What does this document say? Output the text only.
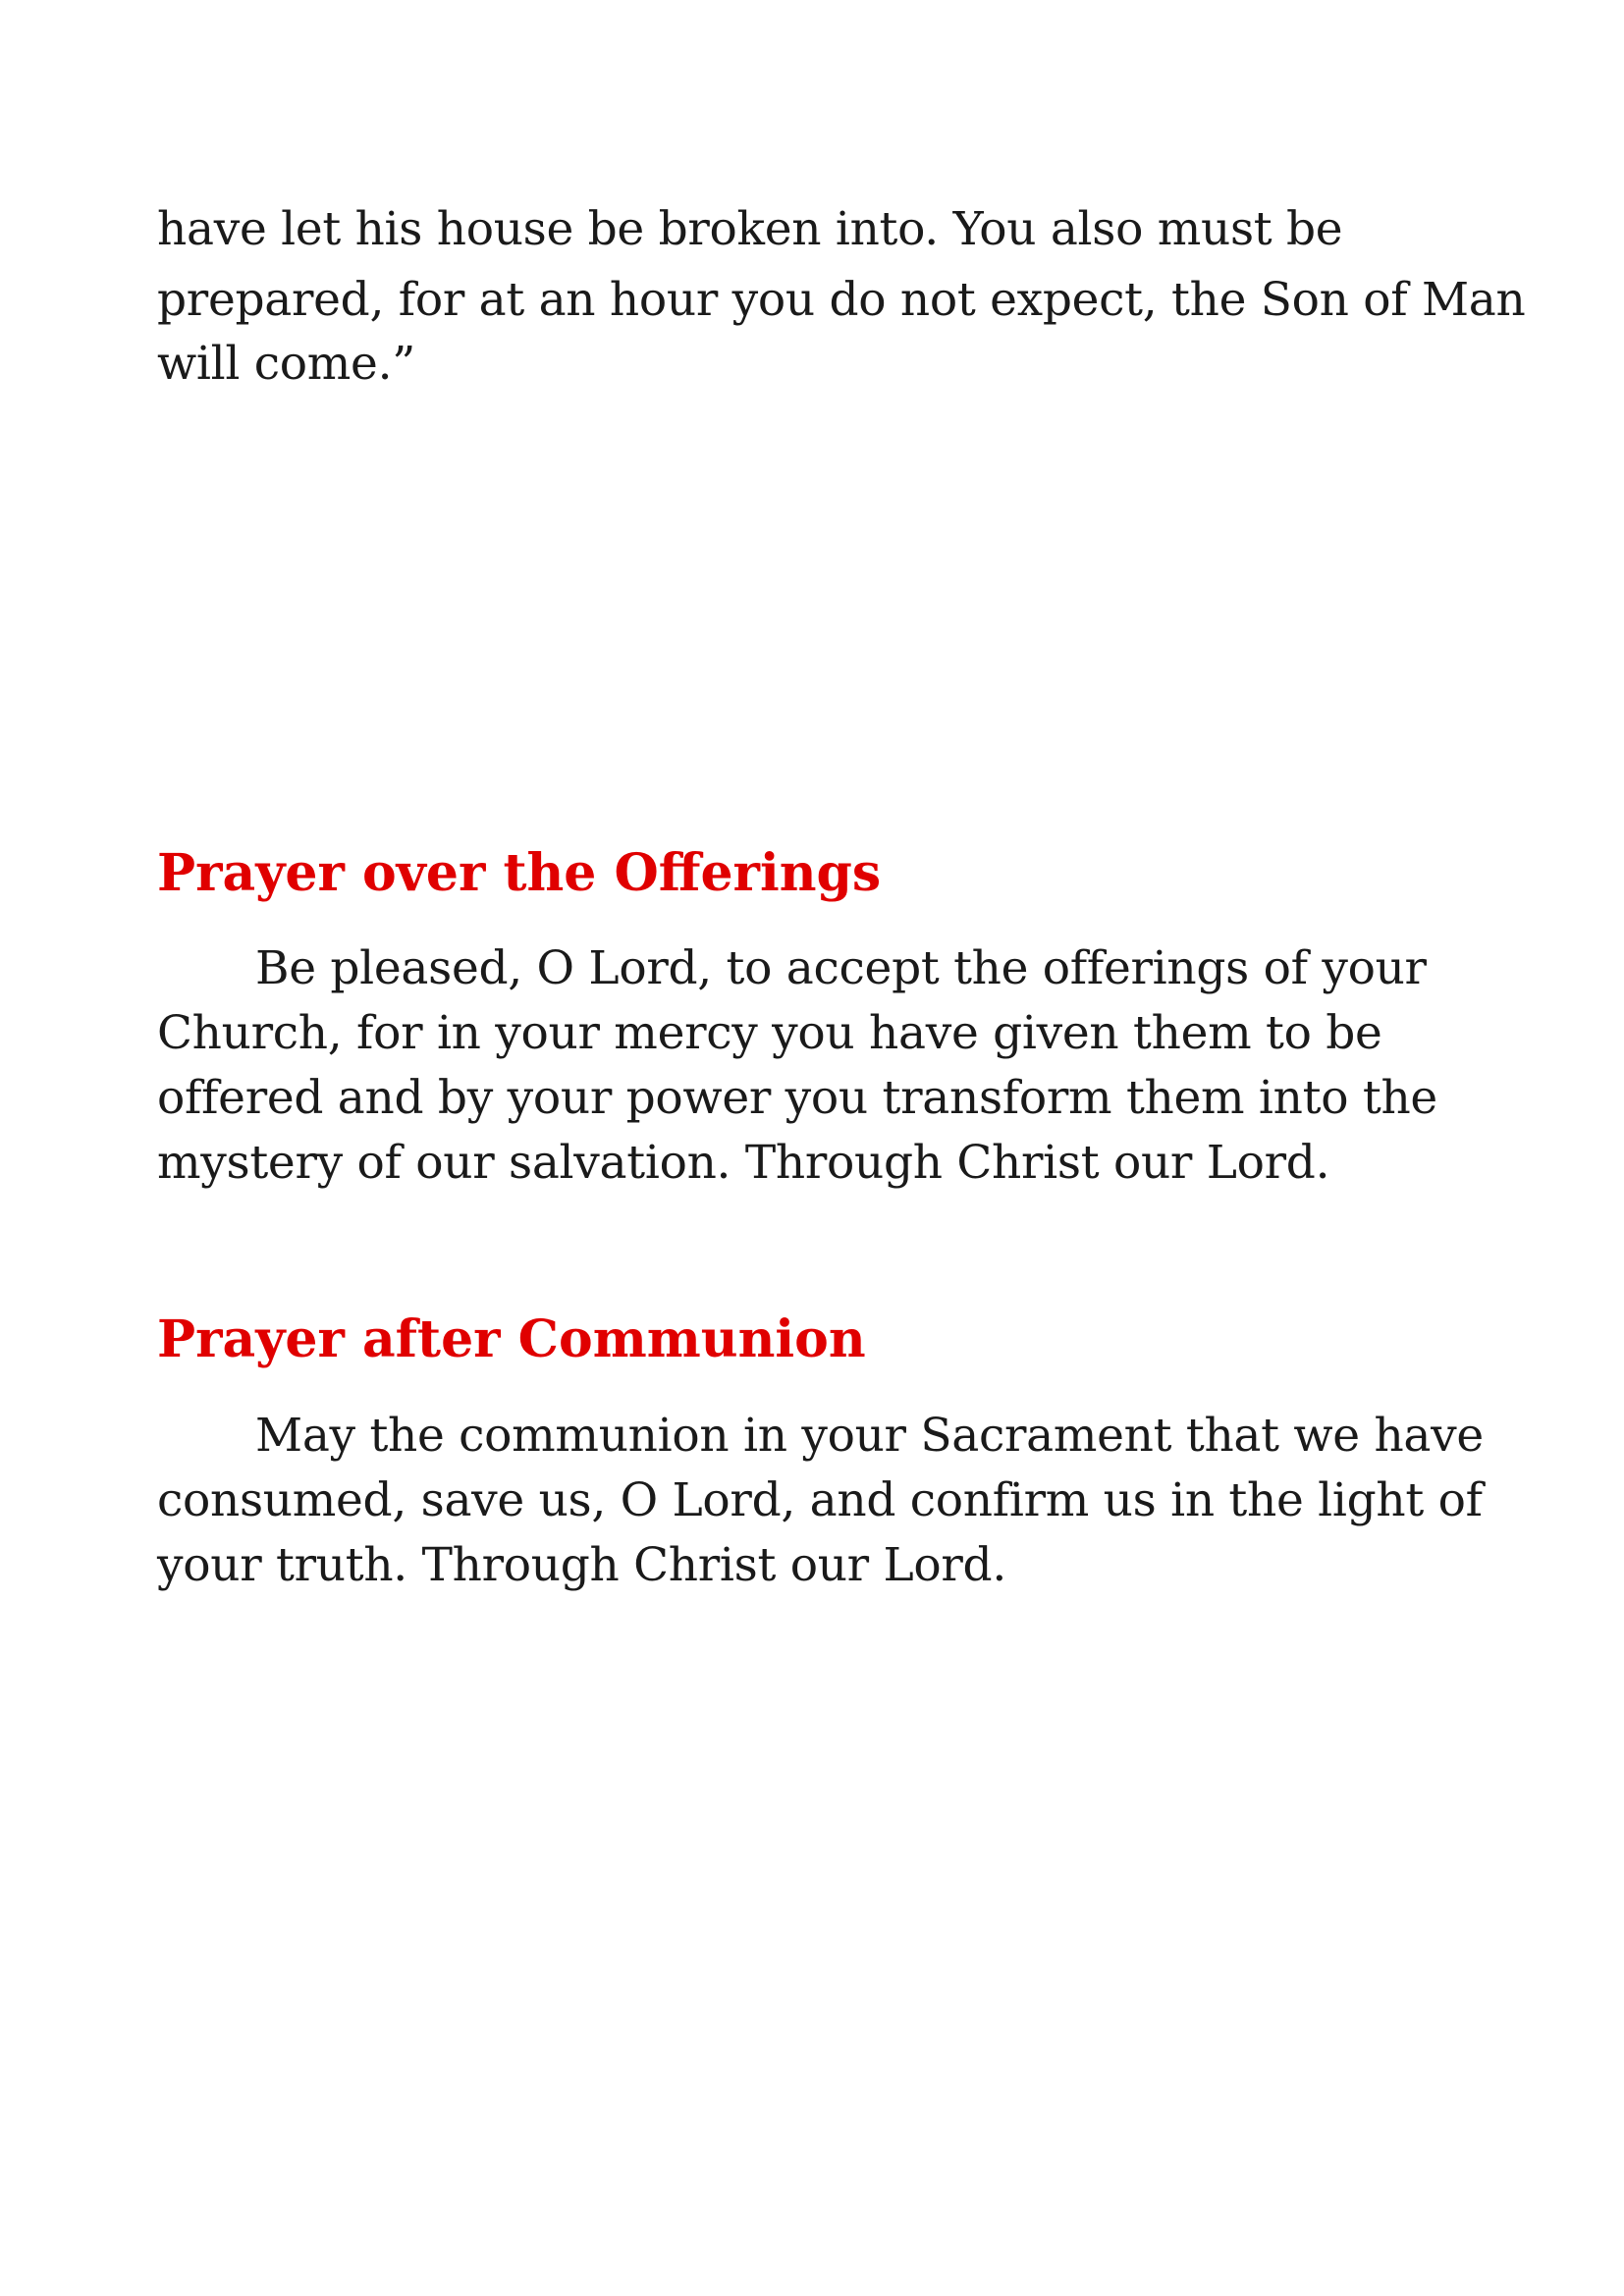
have let his house be broken into. You also must be
prepared, for at an hour you do not expect, the Son of Man
will come.”
Prayer over the Offerings
Be pleased, O Lord, to accept the offerings of your
Church, for in your mercy you have given them to be
offered and by your power you transform them into the
mystery of our salvation. Through Christ our Lord.
Prayer after Communion
May the communion in your Sacrament that we have
consumed, save us, O Lord, and confirm us in the light of
your truth. Through Christ our Lord.
